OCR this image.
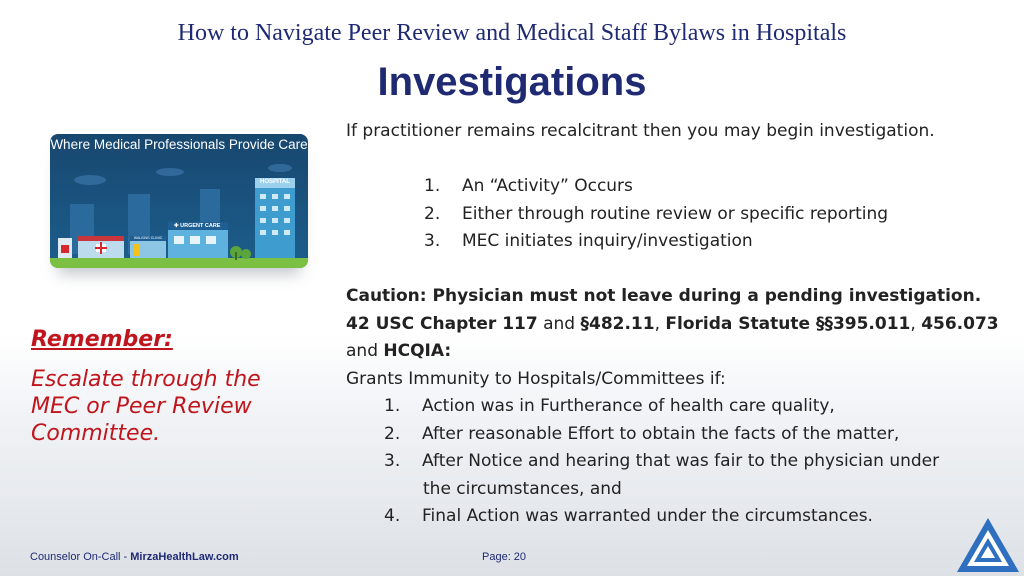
How to Navigate Peer Review and Medical Staff Bylaws in Hospitals
Investigations
Where Medical Professionals Provide Care
HOSPITAL
✚ URGENT CARE
WALKING CLINIC
If practitioner remains recalcitrant then you may begin investigation.
1. An “Activity” Occurs
2. Either through routine review or specific reporting
3. MEC initiates inquiry/investigation
Caution: Physician must not leave during a pending investigation.
42 USC Chapter 117 and §482.11, Florida Statute §§395.011, 456.073
and HCQIA:
Grants Immunity to Hospitals/Committees if:
1. Action was in Furtherance of health care quality,
2. After reasonable Effort to obtain the facts of the matter,
3. After Notice and hearing that was fair to the physician under
the circumstances, and
4. Final Action was warranted under the circumstances.
Remember:
Escalate through the MEC or Peer Review Committee.
Counselor On-Call - MirzaHealthLaw.com	Page: 20
